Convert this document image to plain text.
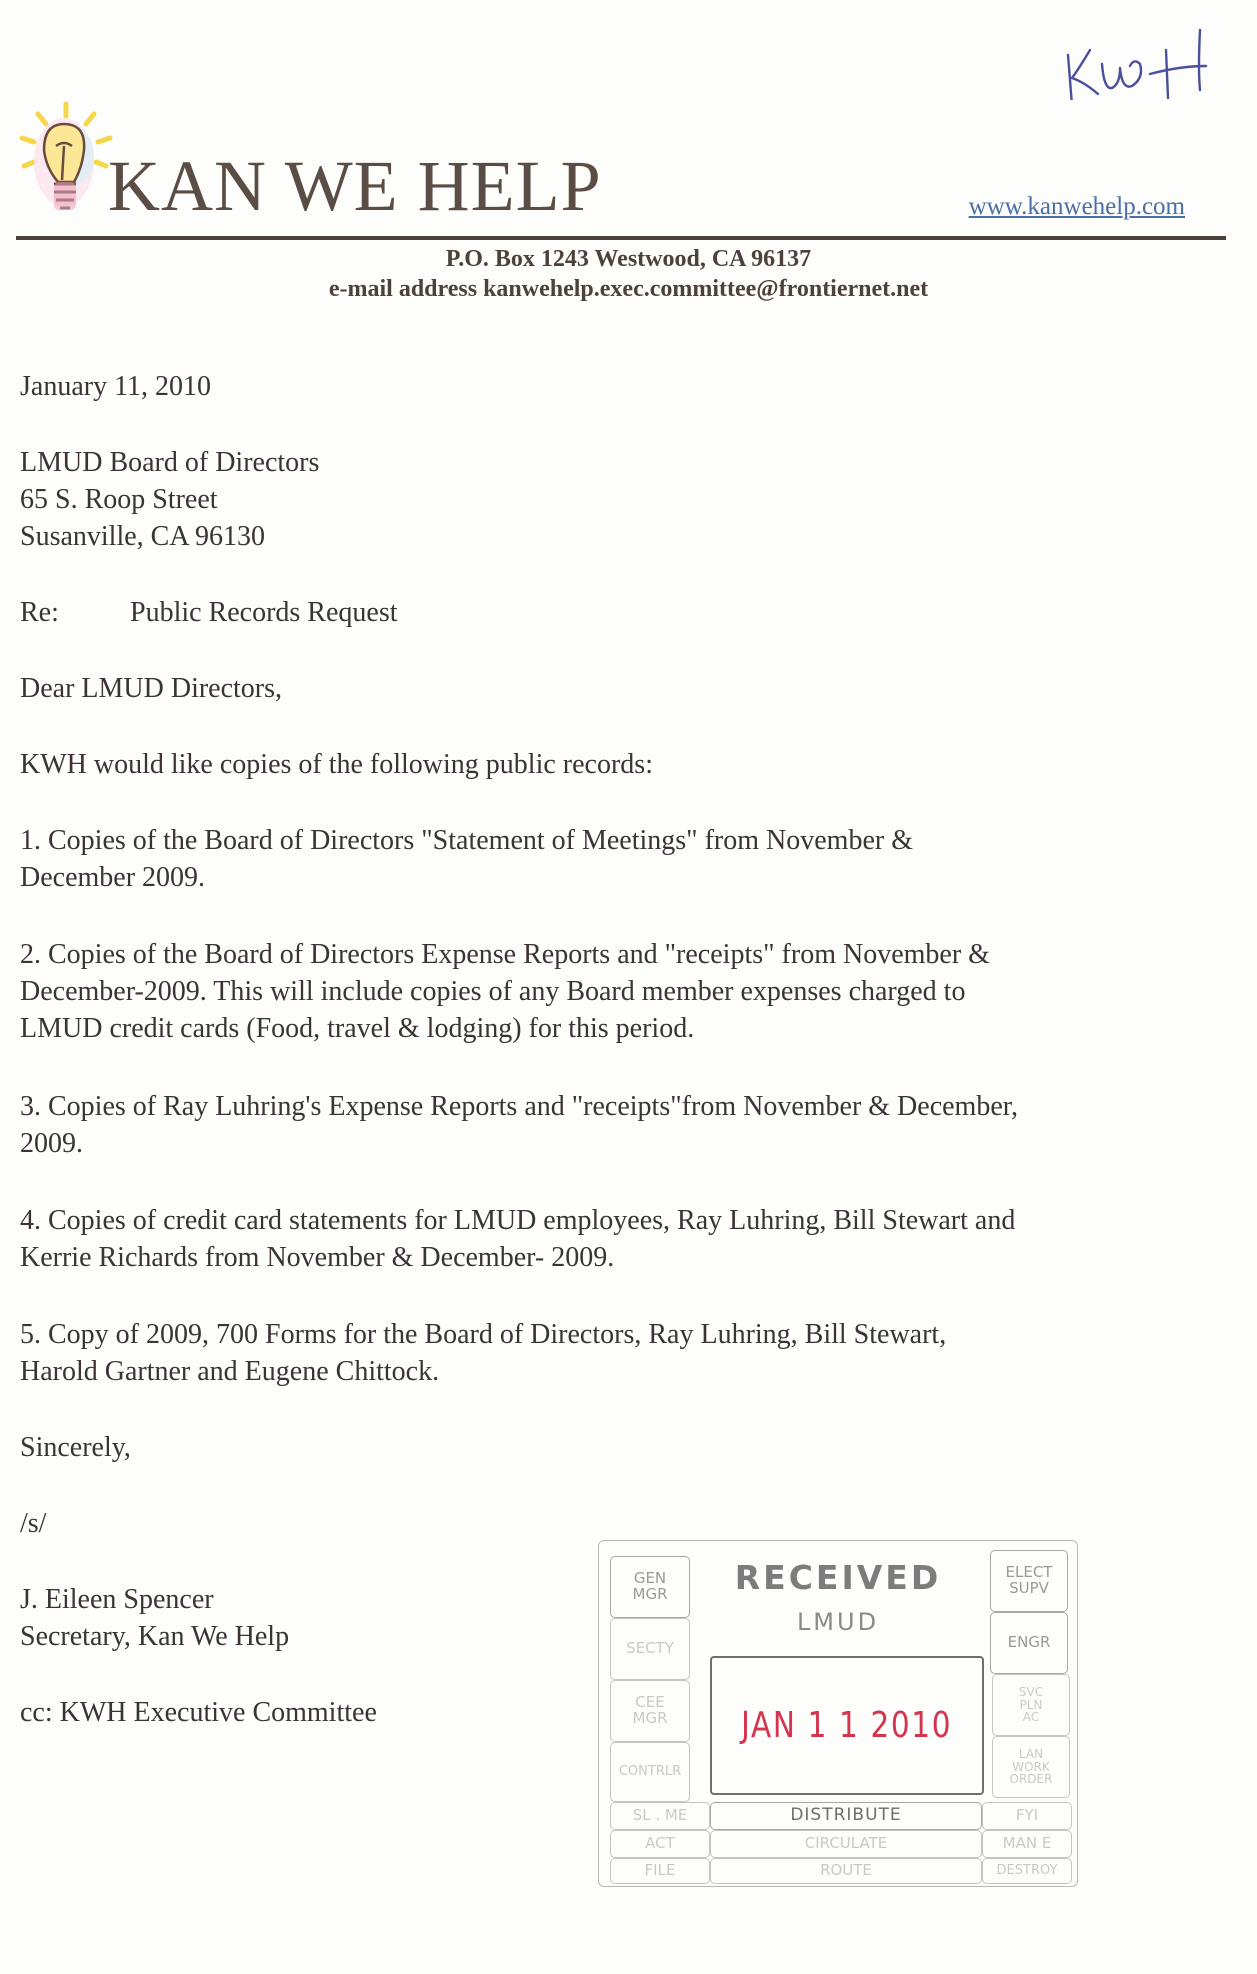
KAN WE HELP	www.kanwehelp.com
P.O. Box 1243 Westwood, CA 96137
e-mail address kanwehelp.exec.committee@frontiernet.net
January 11, 2010
LMUD Board of Directors
65 S. Roop Street
Susanville, CA 96130
Re:	Public Records Request
Dear LMUD Directors,
KWH would like copies of the following public records:
1. Copies of the Board of Directors "Statement of Meetings" from November &
December 2009.
2. Copies of the Board of Directors Expense Reports and "receipts" from November &
December-2009. This will include copies of any Board member expenses charged to
LMUD credit cards (Food, travel & lodging) for this period.
3. Copies of Ray Luhring's Expense Reports and "receipts"from November & December,
2009.
4. Copies of credit card statements for LMUD employees, Ray Luhring, Bill Stewart and
Kerrie Richards from November & December- 2009.
5. Copy of 2009, 700 Forms for the Board of Directors, Ray Luhring, Bill Stewart,
Harold Gartner and Eugene Chittock.
Sincerely,
/s/
J. Eileen Spencer
Secretary, Kan We Help
cc: KWH Executive Committee
GEN
MGR
SECTY
CEE
MGR
CONTRLR
RECEIVED
LMUD
JAN 1 1 2010
ELECT
SUPV
ENGR
SVC
PLN
AC
LAN
WORK
ORDER
SL . ME	DISTRIBUTE	FYI
ACT	CIRCULATE	MAN E
FILE	ROUTE	DESTROY
